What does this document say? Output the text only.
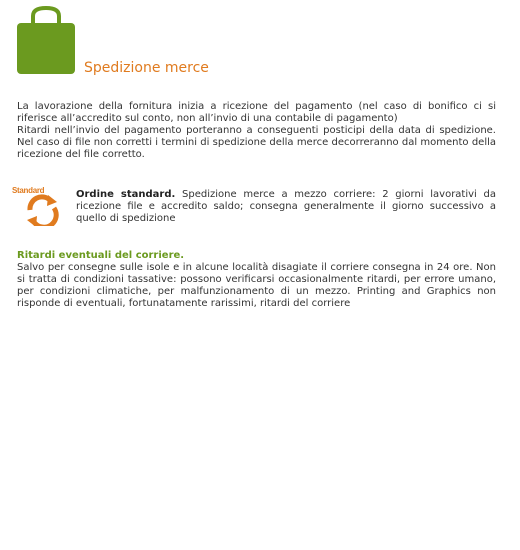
Spedizione merce

La lavorazione della fornitura inizia a ricezione del pagamento (nel caso di bonifico ci si riferisce all’accredito sul conto, non all’invio di una contabile di pagamento)

Ritardi nell’invio del pagamento porteranno a conseguenti posticipi della data di spedizione. Nel caso di file non corretti i termini di spedizione della merce decorreranno dal momento della ricezione del file corretto.

Standard	Ordine standard. Spedizione merce a mezzo corriere: 2 giorni lavorativi da ricezione file e accredito saldo; consegna generalmente il giorno successivo a quello di spedizione

Ritardi eventuali del corriere.

Salvo per consegne sulle isole e in alcune località disagiate il corriere consegna in 24 ore. Non si tratta di condizioni tassative: possono verificarsi occasionalmente ritardi, per errore umano, per condizioni climatiche, per malfunzionamento di un mezzo. Printing and Graphics non risponde di eventuali, fortunatamente rarissimi, ritardi del corriere
